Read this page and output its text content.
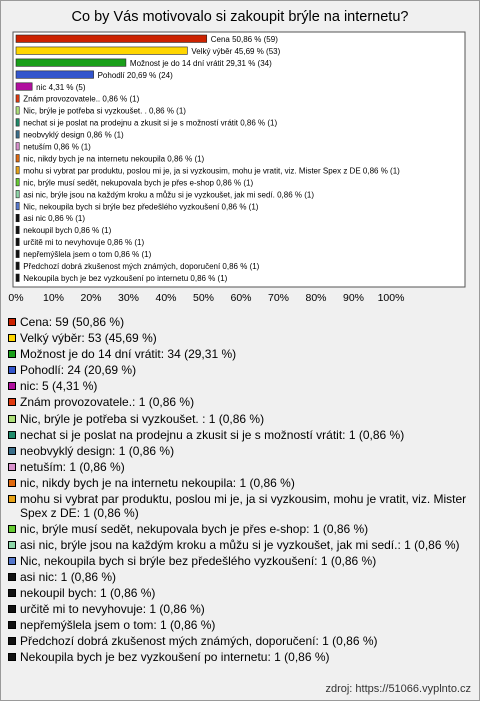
Co by Vás motivovalo si zakoupit brýle na internetu?
Cena 50,86 % (59)
Velký výběr 45,69 % (53)
Možnost je do 14 dní vrátit 29,31 % (34)
Pohodlí 20,69 % (24)
nic 4,31 % (5)
Znám provozovatele.. 0,86 % (1)
Nic, brýle je potřeba si vyzkoušet. . 0,86 % (1)
nechat si je poslat na prodejnu a zkusit si je s možností vrátit 0,86 % (1)
neobvyklý design 0,86 % (1)
netuším 0,86 % (1)
nic, nikdy bych je na internetu nekoupila 0,86 % (1)
mohu si vybrat par produktu, poslou mi je, ja si vyzkousim, mohu je vratit, viz. Mister Spex z DE 0,86 % (1)
nic, brýle musí sedět, nekupovala bych je přes e-shop 0,86 % (1)
asi nic, brýle jsou na každým kroku a můžu si je vyzkoušet, jak mi sedí. 0,86 % (1)
Nic, nekoupila bych si brýle bez předešlého vyzkoušení 0,86 % (1)
asi nic 0,86 % (1)
nekoupil bych 0,86 % (1)
určitě mi to nevyhovuje 0,86 % (1)
nepřemýšlela jsem o tom 0,86 % (1)
Předchozí dobrá zkušenost mých známých, doporučení 0,86 % (1)
Nekoupila bych je bez vyzkoušení po internetu 0,86 % (1)
0% 10% 20% 30% 40% 50% 60% 70% 80% 90% 100%
Cena: 59 (50,86 %)
Velký výběr: 53 (45,69 %)
Možnost je do 14 dní vrátit: 34 (29,31 %)
Pohodlí: 24 (20,69 %)
nic: 5 (4,31 %)
Znám provozovatele.: 1 (0,86 %)
Nic, brýle je potřeba si vyzkoušet. : 1 (0,86 %)
nechat si je poslat na prodejnu a zkusit si je s možností vrátit: 1 (0,86 %)
neobvyklý design: 1 (0,86 %)
netuším: 1 (0,86 %)
nic, nikdy bych je na internetu nekoupila: 1 (0,86 %)
mohu si vybrat par produktu, poslou mi je, ja si vyzkousim, mohu je vratit, viz. Mister Spex z DE: 1 (0,86 %)
nic, brýle musí sedět, nekupovala bych je přes e-shop: 1 (0,86 %)
asi nic, brýle jsou na každým kroku a můžu si je vyzkoušet, jak mi sedí.: 1 (0,86 %)
Nic, nekoupila bych si brýle bez předešlého vyzkoušení: 1 (0,86 %)
asi nic: 1 (0,86 %)
nekoupil bych: 1 (0,86 %)
určitě mi to nevyhovuje: 1 (0,86 %)
nepřemýšlela jsem o tom: 1 (0,86 %)
Předchozí dobrá zkušenost mých známých, doporučení: 1 (0,86 %)
Nekoupila bych je bez vyzkoušení po internetu: 1 (0,86 %)
zdroj: https://51066.vyplnto.cz
